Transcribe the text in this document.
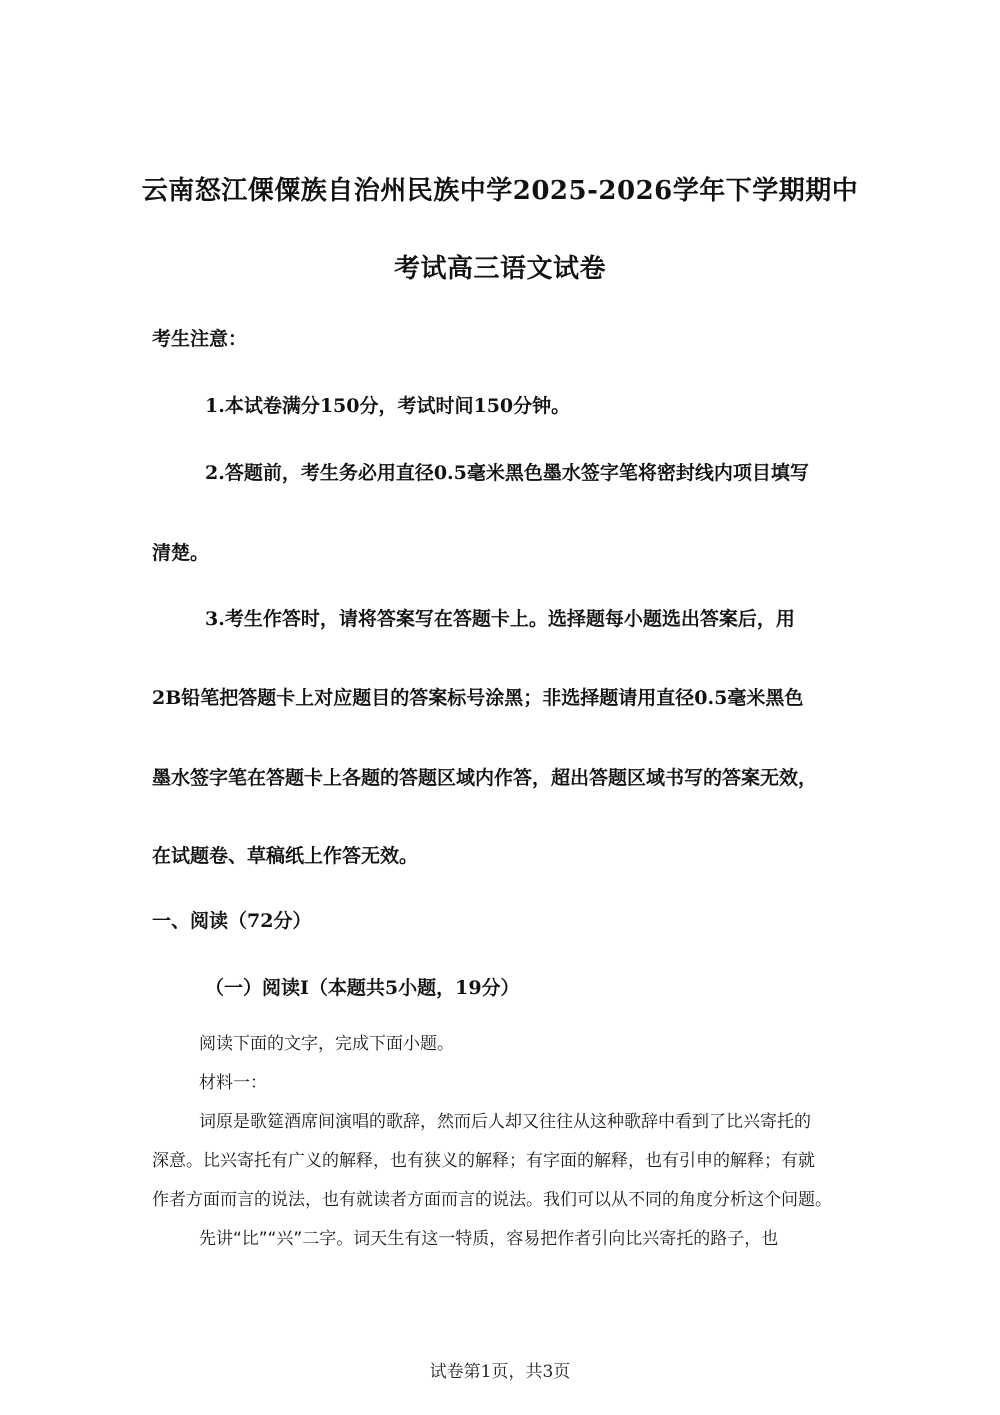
云南怒江傈僳族自治州民族中学2025-2026学年下学期期中
考试高三语文试卷
考生注意：
1.本试卷满分150分，考试时间150分钟。
2.答题前，考生务必用直径0.5毫米黑色墨水签字笔将密封线内项目填写
清楚。
3.考生作答时，请将答案写在答题卡上。选择题每小题选出答案后，用
2B铅笔把答题卡上对应题目的答案标号涂黑；非选择题请用直径0.5毫米黑色
墨水签字笔在答题卡上各题的答题区域内作答，超出答题区域书写的答案无效，
在试题卷、草稿纸上作答无效。
一、阅读（72分）
（一）阅读Ⅰ（本题共5小题，19分）
阅读下面的文字，完成下面小题。
材料一：
词原是歌筵酒席间演唱的歌辞，然而后人却又往往从这种歌辞中看到了比兴寄托的
深意。比兴寄托有广义的解释，也有狭义的解释；有字面的解释，也有引申的解释；有就
作者方面而言的说法，也有就读者方面而言的说法。我们可以从不同的角度分析这个问题。
先讲“比”“兴”二字。词天生有这一特质，容易把作者引向比兴寄托的路子，也
试卷第1页，共3页
